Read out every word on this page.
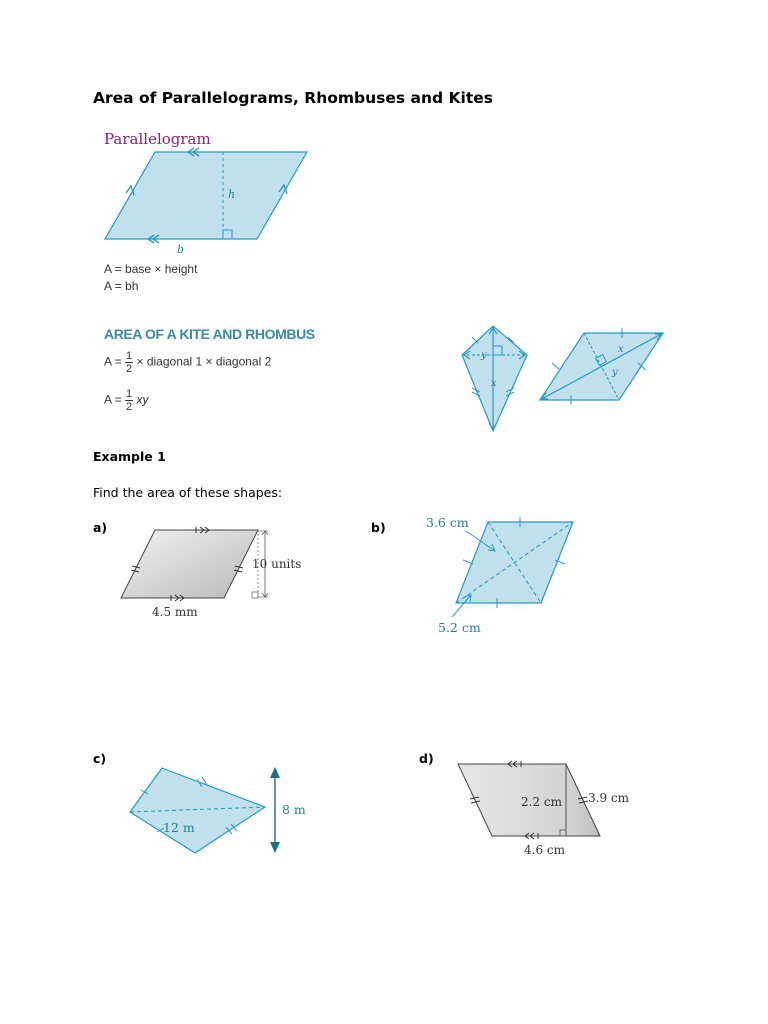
Area of Parallelograms, Rhombuses and Kites
Parallelogram
h
b
A = base × height
A = bh
AREA OF A KITE AND RHOMBUS
$A = \frac{1}{2}$ × diagonal 1 × diagonal 2
$A = \frac{1}{2}$ xy
y
x
x
y
Example 1
Find the area of these shapes:
a)
10 units
4.5 mm
b)	3.6 cm
5.2 cm
c)
12 m
8 m
d)
2.2 cm 3.9 cm
4.6 cm
